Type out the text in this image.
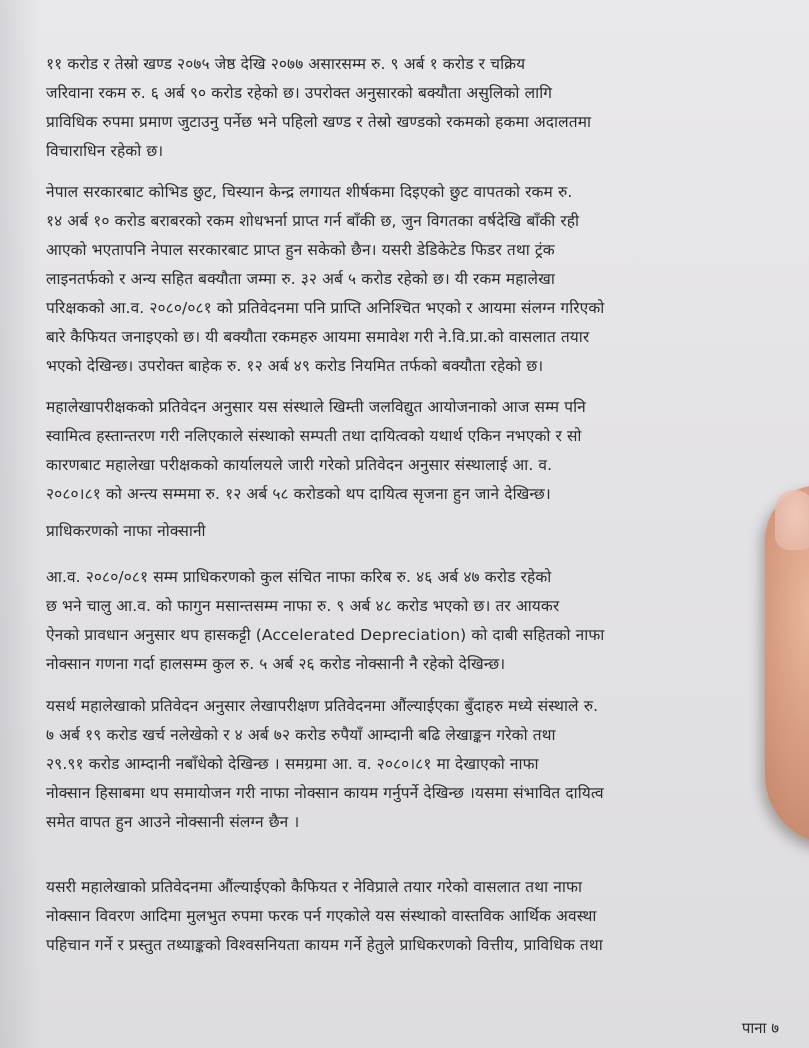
११ करोड र तेस्रो खण्ड २०७५ जेष्ठ देखि २०७७ असारसम्म रु. ९ अर्ब १ करोड र चक्रिय
जरिवाना रकम रु. ६ अर्ब ९० करोड रहेको छ। उपरोक्त अनुसारको बक्यौता असुलिको लागि
प्राविधिक रुपमा प्रमाण जुटाउनु पर्नेछ भने पहिलो खण्ड र तेस्रो खण्डको रकमको हकमा अदालतमा
विचाराधिन रहेको छ।

नेपाल सरकारबाट कोभिड छुट, चिस्यान केन्द्र लगायत शीर्षकमा दिइएको छुट वापतको रकम रु.
१४ अर्ब १० करोड बराबरको रकम शोधभर्ना प्राप्त गर्न बाँकी छ, जुन विगतका वर्षदेखि बाँकी रही
आएको भएतापनि नेपाल सरकारबाट प्राप्त हुन सकेको छैन। यसरी डेडिकेटेड फिडर तथा ट्रंक
लाइनतर्फको र अन्य सहित बक्यौता जम्मा रु. ३२ अर्ब ५ करोड रहेको छ। यी रकम महालेखा
परिक्षकको आ.व. २०८०/०८१ को प्रतिवेदनमा पनि प्राप्ति अनिश्चित भएको र आयमा संलग्न गरिएको
बारे कैफियत जनाइएको छ। यी बक्यौता रकमहरु आयमा समावेश गरी ने.वि.प्रा.को वासलात तयार
भएको देखिन्छ। उपरोक्त बाहेक रु. १२ अर्ब ४९ करोड नियमित तर्फको बक्यौता रहेको छ।

महालेखापरीक्षकको प्रतिवेदन अनुसार यस संस्थाले खिम्ती जलविद्युत आयोजनाको आज सम्म पनि
स्वामित्व हस्तान्तरण गरी नलिएकाले संस्थाको सम्पती तथा दायित्वको यथार्थ एकिन नभएको र सो
कारणबाट महालेखा परीक्षकको कार्यालयले जारी गरेको प्रतिवेदन अनुसार संस्थालाई आ. व.
२०८०।८१ को अन्त्य सम्ममा रु. १२ अर्ब ५८ करोडको थप दायित्व सृजना हुन जाने देखिन्छ।

प्राधिकरणको नाफा नोक्सानी

आ.व. २०८०/०८१ सम्म प्राधिकरणको कुल संचित नाफा करिब रु. ४६ अर्ब ४७ करोड रहेको
छ भने चालु आ.व. को फागुन मसान्तसम्म नाफा रु. ९ अर्ब ४८ करोड भएको छ। तर आयकर
ऐनको प्रावधान अनुसार थप हासकट्टी (Accelerated Depreciation) को दाबी सहितको नाफा
नोक्सान गणना गर्दा हालसम्म कुल रु. ५ अर्ब २६ करोड नोक्सानी नै रहेको देखिन्छ।

यसर्थ महालेखाको प्रतिवेदन अनुसार लेखापरीक्षण प्रतिवेदनमा औंल्याईएका बुँदाहरु मध्ये संस्थाले रु.
७ अर्ब १९ करोड खर्च नलेखेको र ४ अर्ब ७२ करोड रुपैयाँ आम्दानी बढि लेखाङ्कन गरेको तथा
२९.९१ करोड आम्दानी नबाँधेको देखिन्छ । समग्रमा आ. व. २०८०।८१ मा देखाएको नाफा
नोक्सान हिसाबमा थप समायोजन गरी नाफा नोक्सान कायम गर्नुपर्ने देखिन्छ ।यसमा संभावित दायित्व
समेत वापत हुन आउने नोक्सानी संलग्न छैन ।

यसरी महालेखाको प्रतिवेदनमा औंल्याईएको कैफियत र नेविप्राले तयार गरेको वासलात तथा नाफा
नोक्सान विवरण आदिमा मुलभुत रुपमा फरक पर्न गएकोले यस संस्थाको वास्तविक आर्थिक अवस्था
पहिचान गर्ने र प्रस्तुत तथ्याङ्कको विश्वसनियता कायम गर्ने हेतुले प्राधिकरणको वित्तीय, प्राविधिक तथा

पाना ७
